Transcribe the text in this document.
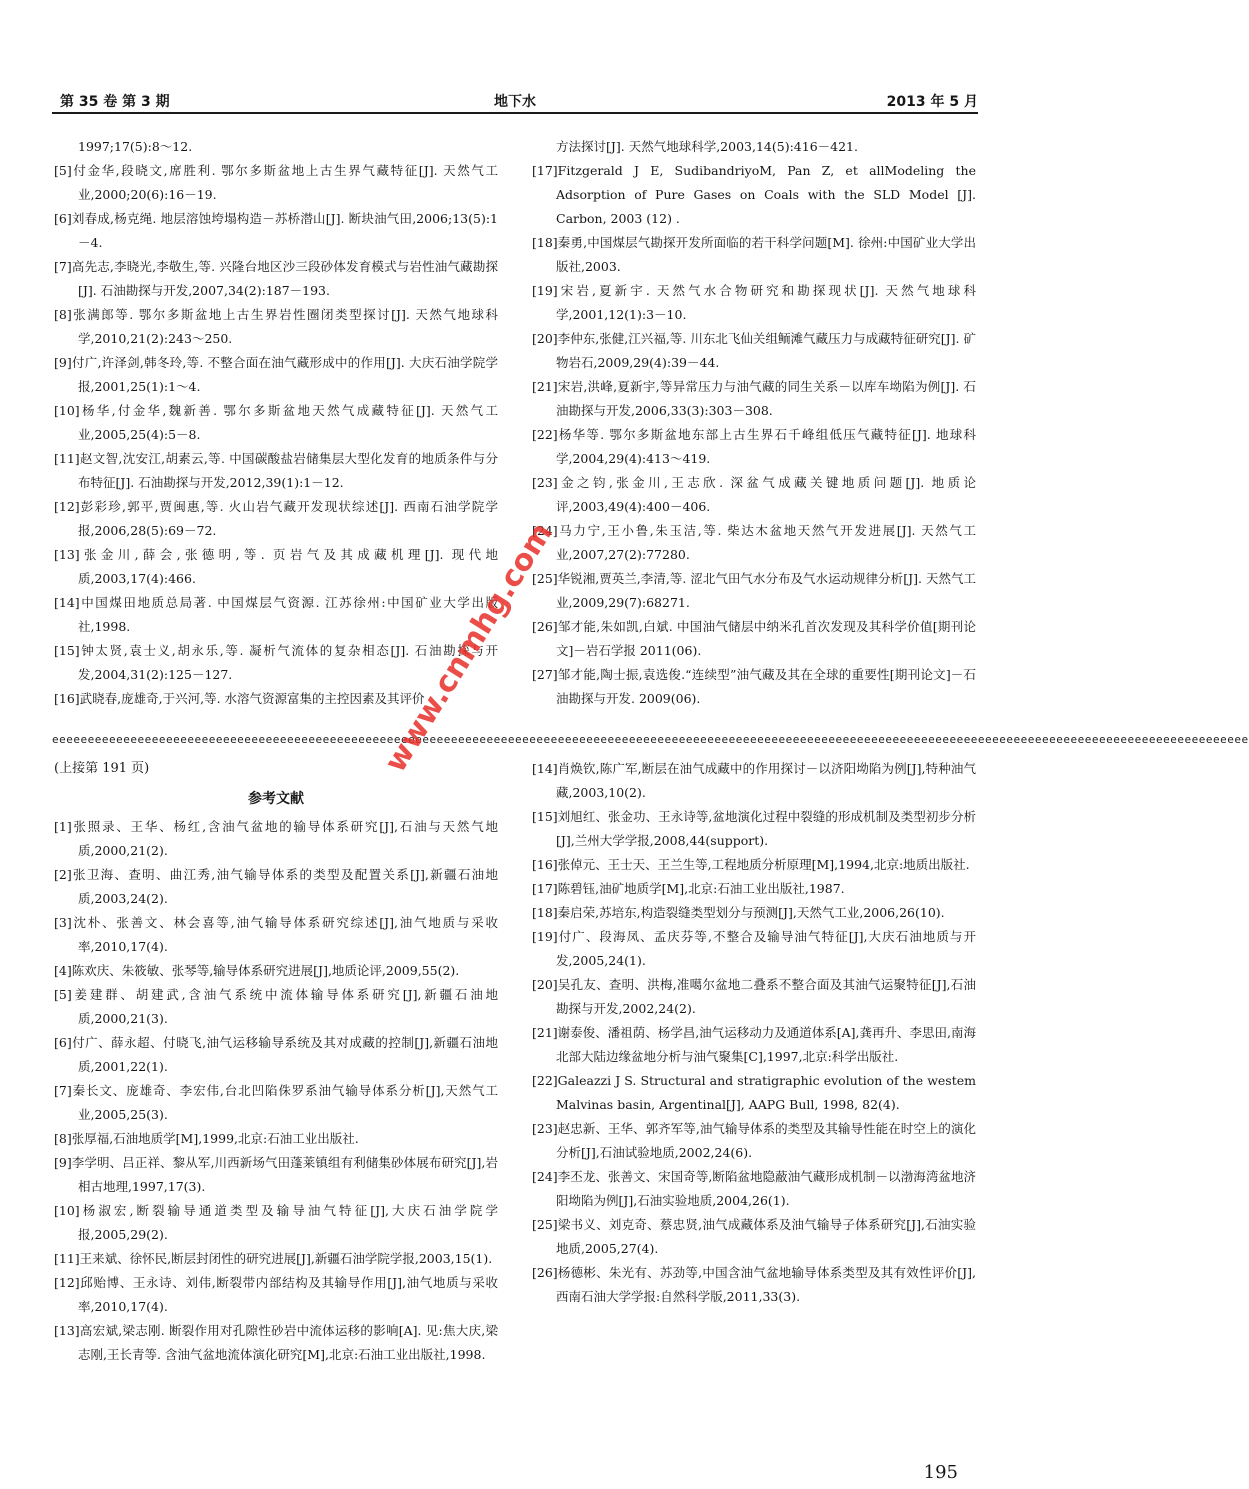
第 35 卷 第 3 期	地下水	2013 年 5 月
1997;17(5):8～12.
[5]付金华,段晓文,席胜利. 鄂尔多斯盆地上古生界气藏特征[J]. 天然气工业,2000;20(6):16－19.
[6]刘春成,杨克绳. 地层溶蚀垮塌构造－苏桥潜山[J]. 断块油气田,2006;13(5):1－4.
[7]高先志,李晓光,李敬生,等. 兴隆台地区沙三段砂体发育模式与岩性油气藏勘探[J]. 石油勘探与开发,2007,34(2):187－193.
[8]张满郎等. 鄂尔多斯盆地上古生界岩性圈闭类型探讨[J]. 天然气地球科学,2010,21(2):243～250.
[9]付广,许泽剑,韩冬玲,等. 不整合面在油气藏形成中的作用[J]. 大庆石油学院学报,2001,25(1):1～4.
[10]杨华,付金华,魏新善. 鄂尔多斯盆地天然气成藏特征[J]. 天然气工业,2005,25(4):5－8.
[11]赵文智,沈安江,胡素云,等. 中国碳酸盐岩储集层大型化发育的地质条件与分布特征[J]. 石油勘探与开发,2012,39(1):1－12.
[12]彭彩珍,郭平,贾闽惠,等. 火山岩气藏开发现状综述[J]. 西南石油学院学报,2006,28(5):69－72.
[13]张金川,薛会,张德明,等. 页岩气及其成藏机理[J]. 现代地质,2003,17(4):466.
[14]中国煤田地质总局著. 中国煤层气资源. 江苏徐州:中国矿业大学出版社,1998.
[15]钟太贤,袁士义,胡永乐,等. 凝析气流体的复杂相态[J]. 石油勘探与开发,2004,31(2):125－127.
[16]武晓春,庞雄奇,于兴河,等. 水溶气资源富集的主控因素及其评价
方法探讨[J]. 天然气地球科学,2003,14(5):416－421.
[17]Fitzgerald J E, SudibandriyoM, Pan Z, et allModeling the Adsorption of Pure Gases on Coals with the SLD Model [J]. Carbon, 2003 (12) .
[18]秦勇,中国煤层气勘探开发所面临的若干科学问题[M]. 徐州:中国矿业大学出版社,2003.
[19]宋岩,夏新宇. 天然气水合物研究和勘探现状[J]. 天然气地球科学,2001,12(1):3－10.
[20]李仲东,张健,江兴福,等. 川东北飞仙关组鲕滩气藏压力与成藏特征研究[J]. 矿物岩石,2009,29(4):39－44.
[21]宋岩,洪峰,夏新宇,等异常压力与油气藏的同生关系－以库车坳陷为例[J]. 石油勘探与开发,2006,33(3):303－308.
[22]杨华等. 鄂尔多斯盆地东部上古生界石千峰组低压气藏特征[J]. 地球科学,2004,29(4):413～419.
[23]金之钧,张金川,王志欣. 深盆气成藏关键地质问题[J]. 地质论评,2003,49(4):400－406.
[24]马力宁,王小鲁,朱玉洁,等. 柴达木盆地天然气开发进展[J]. 天然气工业,2007,27(2):77280.
[25]华锐湘,贾英兰,李清,等. 涩北气田气水分布及气水运动规律分析[J]. 天然气工业,2009,29(7):68271.
[26]邹才能,朱如凯,白斌. 中国油气储层中纳米孔首次发现及其科学价值[期刊论文]－岩石学报 2011(06).
[27]邹才能,陶士振,袁选俊.“连续型”油气藏及其在全球的重要性[期刊论文]－石油勘探与开发. 2009(06).
eeeeeeeeeeeeeeeeeeeeeeeeeeeeeeeeeeeeeeeeeeeeeeeeeeeeeeeeeeeeeeeeeeeeeeeeeeeeeeeeeeeeeeeeeeeeeeeeeeeeeeeeeeeeeeeeeeeeeeeeeeeeeeeeeeeeeeeeeeeeeeeeeeeeeeeeeeeeeeeeeeeeeeee
(上接第 191 页)
参考文献
[1]张照录、王华、杨红,含油气盆地的输导体系研究[J],石油与天然气地质,2000,21(2).
[2]张卫海、查明、曲江秀,油气输导体系的类型及配置关系[J],新疆石油地质,2003,24(2).
[3]沈朴、张善文、林会喜等,油气输导体系研究综述[J],油气地质与采收率,2010,17(4).
[4]陈欢庆、朱筱敏、张琴等,输导体系研究进展[J],地质论评,2009,55(2).
[5]姜建群、胡建武,含油气系统中流体输导体系研究[J],新疆石油地质,2000,21(3).
[6]付广、薛永超、付晓飞,油气运移输导系统及其对成藏的控制[J],新疆石油地质,2001,22(1).
[7]秦长文、庞雄奇、李宏伟,台北凹陷侏罗系油气输导体系分析[J],天然气工业,2005,25(3).
[8]张厚福,石油地质学[M],1999,北京:石油工业出版社.
[9]李学明、吕正祥、黎从军,川西新场气田蓬莱镇组有利储集砂体展布研究[J],岩相古地理,1997,17(3).
[10]杨淑宏,断裂输导通道类型及输导油气特征[J],大庆石油学院学报,2005,29(2).
[11]王来斌、徐怀民,断层封闭性的研究进展[J],新疆石油学院学报,2003,15(1).
[12]邱贻博、王永诗、刘伟,断裂带内部结构及其输导作用[J],油气地质与采收率,2010,17(4).
[13]高宏斌,梁志刚. 断裂作用对孔隙性砂岩中流体运移的影响[A]. 见:焦大庆,梁志刚,王长青等. 含油气盆地流体演化研究[M],北京:石油工业出版社,1998.
[14]肖焕钦,陈广军,断层在油气成藏中的作用探讨－以济阳坳陷为例[J],特种油气藏,2003,10(2).
[15]刘旭红、张金功、王永诗等,盆地演化过程中裂缝的形成机制及类型初步分析[J],兰州大学学报,2008,44(support).
[16]张倬元、王士天、王兰生等,工程地质分析原理[M],1994,北京:地质出版社.
[17]陈碧钰,油矿地质学[M],北京:石油工业出版社,1987.
[18]秦启荣,苏培东,构造裂缝类型划分与预测[J],天然气工业,2006,26(10).
[19]付广、段海凤、孟庆芬等,不整合及输导油气特征[J],大庆石油地质与开发,2005,24(1).
[20]吴孔友、查明、洪梅,准噶尔盆地二叠系不整合面及其油气运聚特征[J],石油勘探与开发,2002,24(2).
[21]谢泰俊、潘祖荫、杨学昌,油气运移动力及通道体系[A],龚再升、李思田,南海北部大陆边缘盆地分析与油气聚集[C],1997,北京:科学出版社.
[22]Galeazzi J S. Structural and stratigraphic evolution of the westem Malvinas basin, Argentinal[J], AAPG Bull, 1998, 82(4).
[23]赵忠新、王华、郭齐军等,油气输导体系的类型及其输导性能在时空上的演化分析[J],石油试验地质,2002,24(6).
[24]李丕龙、张善文、宋国奇等,断陷盆地隐蔽油气藏形成机制－以渤海湾盆地济阳坳陷为例[J],石油实验地质,2004,26(1).
[25]梁书义、刘克奇、蔡忠贤,油气成藏体系及油气输导子体系研究[J],石油实验地质,2005,27(4).
[26]杨德彬、朱光有、苏劲等,中国含油气盆地输导体系类型及其有效性评价[J],西南石油大学学报:自然科学版,2011,33(3).
www.cnmhg.com
195
